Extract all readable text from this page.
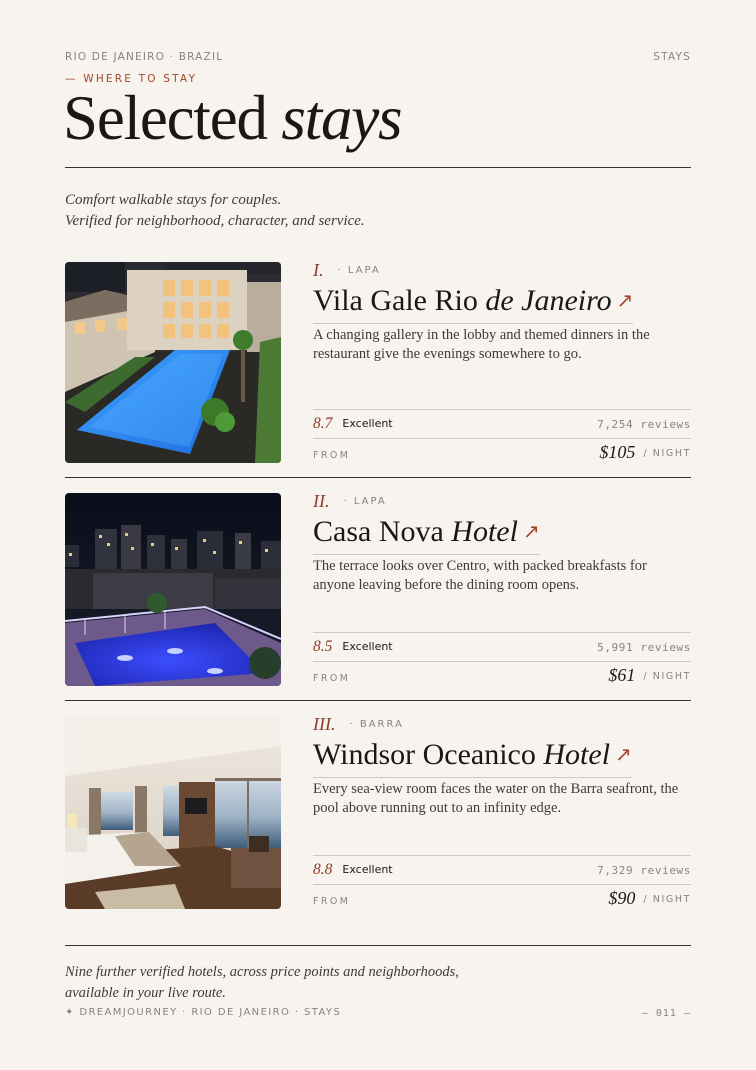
RIO DE JANEIRO · BRAZIL	STAYS
— WHERE TO STAY
Selected stays
Comfort walkable stays for couples.
Verified for neighborhood, character, and service.
I. · LAPA
Vila Gale Rio de Janeiro ↗
A changing gallery in the lobby and themed dinners in the restaurant give the evenings somewhere to go.
8.7 Excellent	7,254 reviews
FROM	$105 / NIGHT
II. · LAPA
Casa Nova Hotel ↗
The terrace looks over Centro, with packed breakfasts for anyone leaving before the dining room opens.
8.5 Excellent	5,991 reviews
FROM	$61 / NIGHT
III. · BARRA
Windsor Oceanico Hotel ↗
Every sea-view room faces the water on the Barra seafront, the pool above running out to an infinity edge.
8.8 Excellent	7,329 reviews
FROM	$90 / NIGHT
Nine further verified hotels, across price points and neighborhoods,
available in your live route.
✦ DREAMJOURNEY · RIO DE JANEIRO · STAYS	— 011 —
